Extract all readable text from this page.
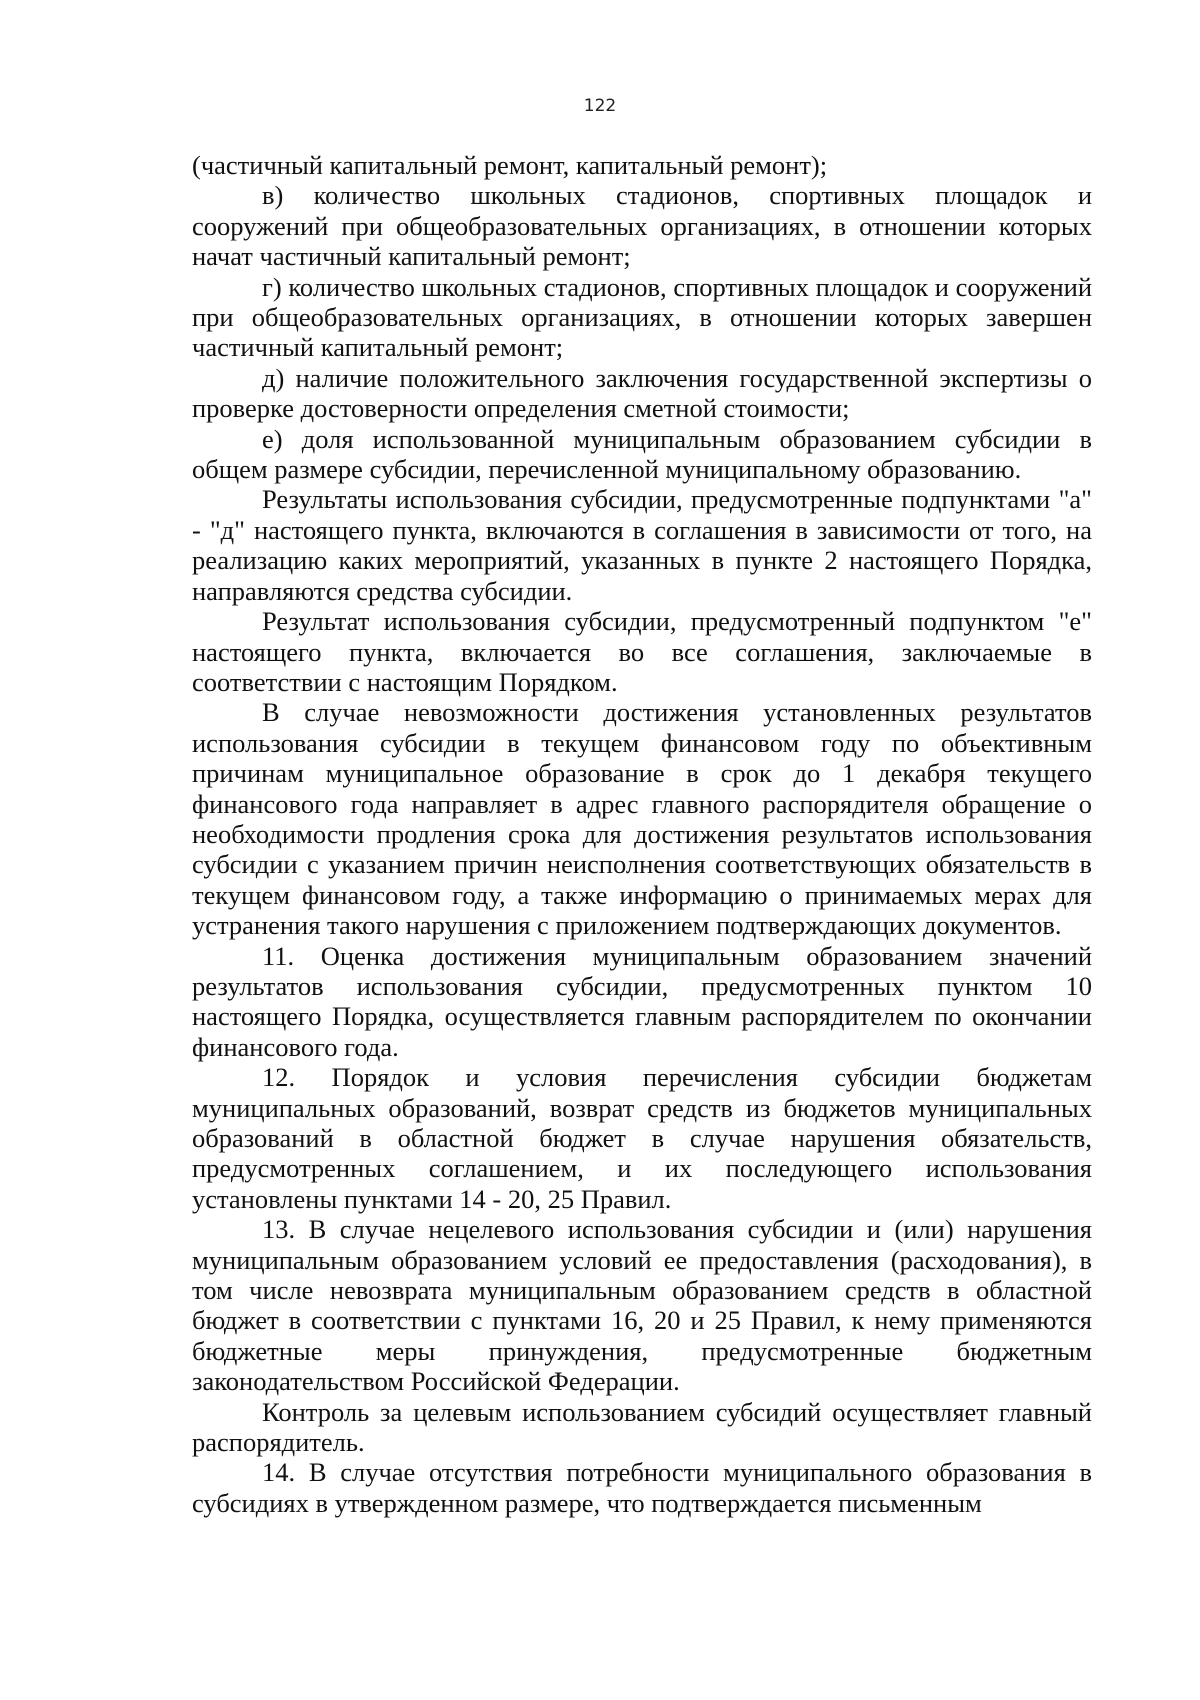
122

(частичный капитальный ремонт, капитальный ремонт);

в) количество школьных стадионов, спортивных площадок и сооружений при общеобразовательных организациях, в отношении которых начат частичный капитальный ремонт;

г) количество школьных стадионов, спортивных площадок и сооружений при общеобразовательных организациях, в отношении которых завершен частичный капитальный ремонт;

д) наличие положительного заключения государственной экспертизы о проверке достоверности определения сметной стоимости;

е) доля использованной муниципальным образованием субсидии в общем размере субсидии, перечисленной муниципальному образованию.

Результаты использования субсидии, предусмотренные подпунктами "а" - "д" настоящего пункта, включаются в соглашения в зависимости от того, на реализацию каких мероприятий, указанных в пункте 2 настоящего Порядка, направляются средства субсидии.

Результат использования субсидии, предусмотренный подпунктом "е" настоящего пункта, включается во все соглашения, заключаемые в соответствии с настоящим Порядком.

В случае невозможности достижения установленных результатов использования субсидии в текущем финансовом году по объективным причинам муниципальное образование в срок до 1 декабря текущего финансового года направляет в адрес главного распорядителя обращение о необходимости продления срока для достижения результатов использования субсидии с указанием причин неисполнения соответствующих обязательств в текущем финансовом году, а также информацию о принимаемых мерах для устранения такого нарушения с приложением подтверждающих документов.

11. Оценка достижения муниципальным образованием значений результатов использования субсидии, предусмотренных пунктом 10 настоящего Порядка, осуществляется главным распорядителем по окончании финансового года.

12. Порядок и условия перечисления субсидии бюджетам муниципальных образований, возврат средств из бюджетов муниципальных образований в областной бюджет в случае нарушения обязательств, предусмотренных соглашением, и их последующего использования установлены пунктами 14 - 20, 25 Правил.

13. В случае нецелевого использования субсидии и (или) нарушения муниципальным образованием условий ее предоставления (расходования), в том числе невозврата муниципальным образованием средств в областной бюджет в соответствии с пунктами 16, 20 и 25 Правил, к нему применяются бюджетные меры принуждения, предусмотренные бюджетным законодательством Российской Федерации.

Контроль за целевым использованием субсидий осуществляет главный распорядитель.

14. В случае отсутствия потребности муниципального образования в субсидиях в утвержденном размере, что подтверждается письменным
